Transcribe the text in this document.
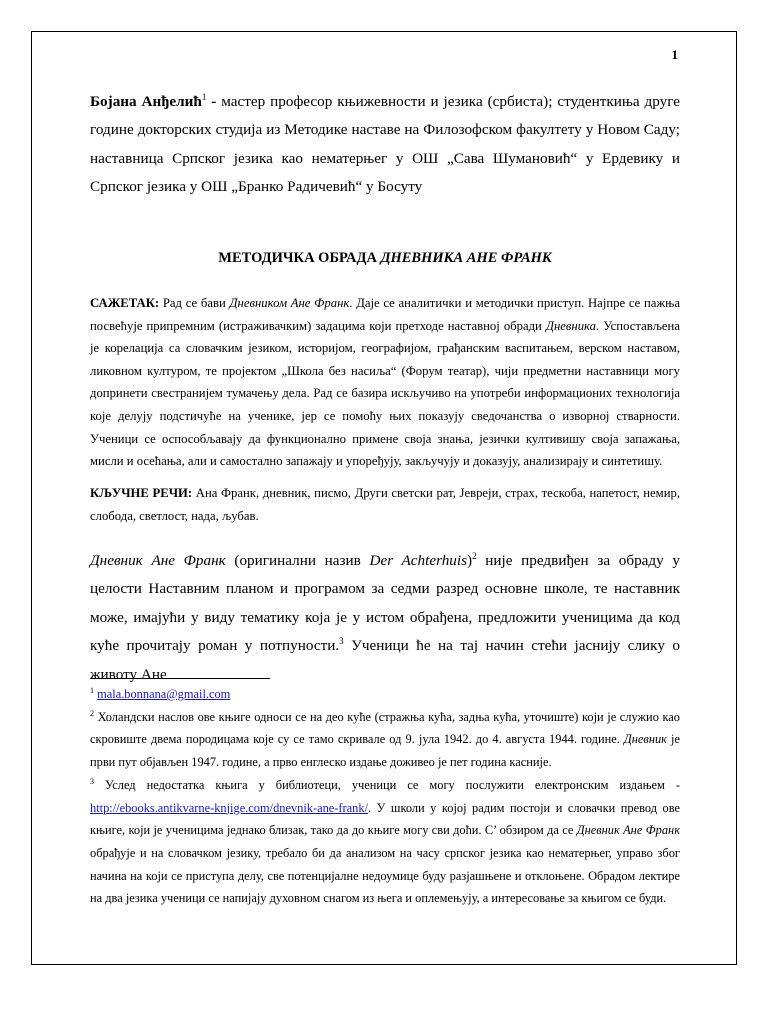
1
Бојана Анђелић$^1$ - мастер професор књижевности и језика (србиста); студенткиња друге године докторских студија из Методике наставе на Филозофском факултету у Новом Саду; наставница Српског језика као нематерњег у ОШ „Сава Шумановић“ у Ердевику и Српског језика у ОШ „Бранко Радичевић“ у Босуту
МЕТОДИЧКА ОБРАДА ДНЕВНИКА АНЕ ФРАНК
САЖЕТАК: Рад се бави Дневником Ане Франк. Даје се аналитички и методички приступ. Најпре се пажња посвећује припремним (истраживачким) задацима који претходе наставној обради Дневника. Успостављена је корелација са словачким језиком, историјом, географијом, грађанским васпитањем, верском наставом, ликовном културом, те пројектом „Школа без насиља“ (Форум театар), чији предметни наставници могу допринети свестранијем тумачењу дела. Рад се базира искључиво на употреби информационих технологија које делују подстичуће на ученике, јер се помоћу њих показују сведочанства о изворној стварности. Ученици се оспособљавају да функционално примене своја знања, језички култивишу своја запажања, мисли и осећања, али и самостално запажају и упоређују, закључују и доказују, анализирају и синтетишу.
КЉУЧНЕ РЕЧИ: Ана Франк, дневник, писмо, Други светски рат, Јевреји, страх, тескоба, напетост, немир, слобода, светлост, нада, љубав.
Дневник Ане Франк (оригинални назив Der Achterhuis)$^2$ није предвиђен за обраду у целости Наставним планом и програмом за седми разред основне школе, те наставник може, имајући у виду тематику која је у истом обрађена, предложити ученицима да код куће прочитају роман у потпуности.$^3$ Ученици ће на тај начин стећи јаснију слику о животу Ане

$^1$ mala.bonnana@gmail.com

$^2$ Холандски наслов ове књиге односи се на део куће (стражња кућа, задња кућа, уточиште) који је служио као скровиште двема породицама које су се тамо скривале од 9. јула 1942. до 4. августа 1944. године. Дневник је први пут објављен 1947. године, а прво енглеско издање доживео је пет година касније.

$^3$ Услед недостатка књига у библиотеци, ученици се могу послужити електронским издањем - http://ebooks.antikvarne-knjige.com/dnevnik-ane-frank/. У школи у којој радим постоји и словачки превод ове књиге, који је ученицима једнако близак, тако да до књиге могу сви доћи. С’ обзиром да се Дневник Ане Франк обрађује и на словачком језику, требало би да анализом на часу српског језика као нематерњег, управо због начина на који се приступа делу, све потенцијалне недоумице буду разјашњене и отклоњене. Обрадом лектире на два језика ученици се напијају духовном снагом из њега и оплемењују, а интересовање за књигом се буди.
